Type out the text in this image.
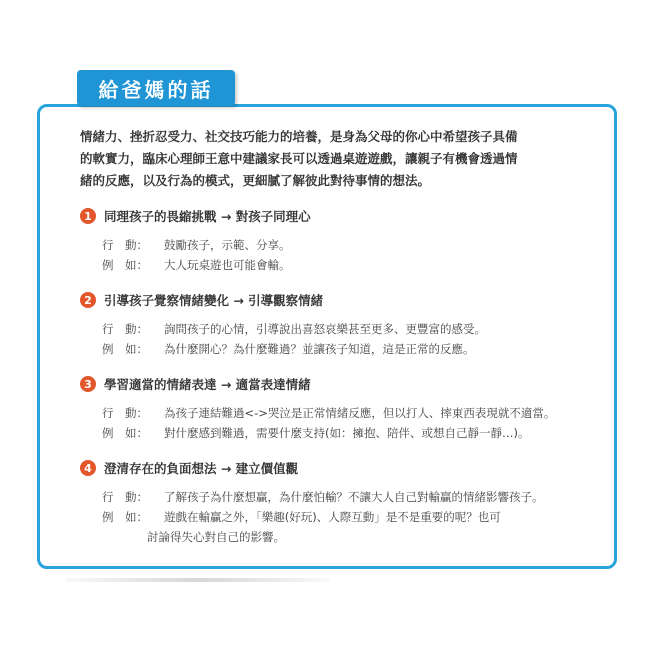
給爸媽的話
情緒力、挫折忍受力、社交技巧能力的培養，是身為父母的你心中希望孩子具備
的軟實力，臨床心理師王意中建議家長可以透過桌遊遊戲，讓親子有機會透過情
緒的反應，以及行為的模式，更細膩了解彼此對待事情的想法。
1 同理孩子的畏縮挑戰 → 對孩子同理心
行　動：	鼓勵孩子，示範、分享。
例　如：	大人玩桌遊也可能會輸。
2 引導孩子覺察情緒變化 → 引導觀察情緒
行　動：	詢問孩子的心情，引導說出喜怒哀樂甚至更多、更豐富的感受。
例　如：	為什麼開心？為什麼難過？並讓孩子知道，這是正常的反應。
3 學習適當的情緒表達 → 適當表達情緒
行　動：	為孩子連結難過<->哭泣是正常情緒反應，但以打人、摔東西表現就不適當。
例　如：	對什麼感到難過，需要什麼支持(如：擁抱、陪伴、或想自己靜一靜…)。
4 澄清存在的負面想法 → 建立價值觀
行　動：	了解孩子為什麼想贏，為什麼怕輸？不讓大人自己對輸贏的情緒影響孩子。
例　如：	遊戲在輸贏之外，「樂趣(好玩)、人際互動」是不是重要的呢？也可
討論得失心對自己的影響。
